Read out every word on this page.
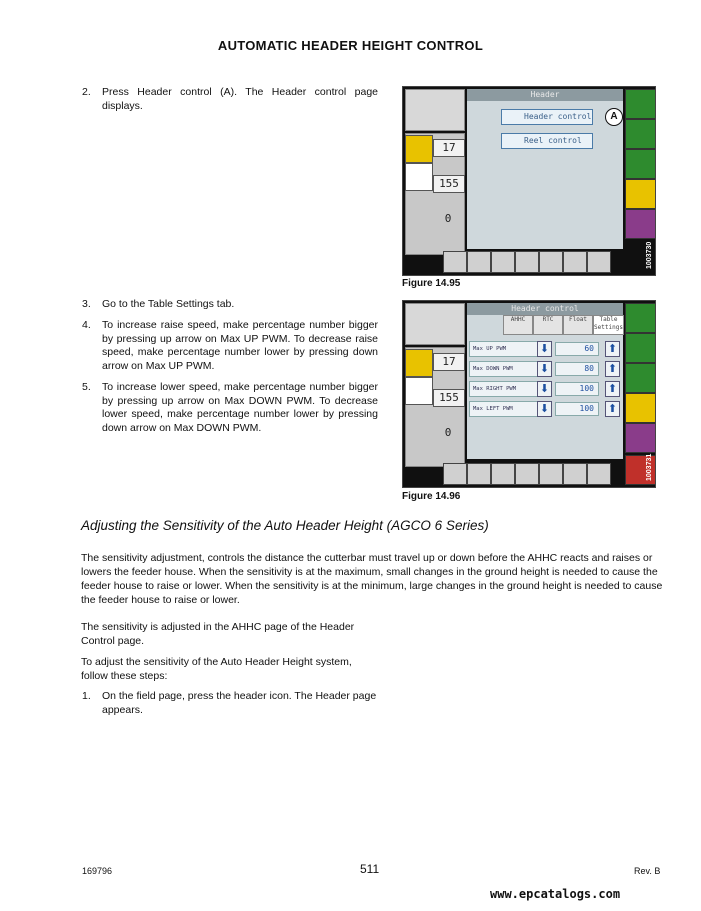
AUTOMATIC HEADER HEIGHT CONTROL
2. Press Header control (A). The Header control page displays.
17
155
0
Header
Header control
Reel control
A
1003730
Figure 14.95
3. Go to the Table Settings tab.
4. To increase raise speed, make percentage number bigger by pressing up arrow on Max UP PWM. To decrease raise speed, make percentage number lower by pressing down arrow on Max UP PWM.
5. To increase lower speed, make percentage number bigger by pressing up arrow on Max DOWN PWM. To decrease lower speed, make percentage number lower by pressing down arrow on Max DOWN PWM.
17
155
0
Header control
AHHC	RTC	Float	Table Settings
Max UP PWM	⬇	60	⬆
Max DOWN PWM	⬇	80	⬆
Max RIGHT PWM	⬇	100	⬆
Max LEFT PWM	⬇	100	⬆
1003731
Figure 14.96
Adjusting the Sensitivity of the Auto Header Height (AGCO 6 Series)
The sensitivity adjustment, controls the distance the cutterbar must travel up or down before the AHHC reacts and raises or lowers the feeder house. When the sensitivity is at the maximum, small changes in the ground height is needed to cause the feeder house to raise or lower. When the sensitivity is at the minimum, large changes in the ground height is needed to cause the feeder house to raise or lower.
The sensitivity is adjusted in the AHHC page of the Header Control page.
To adjust the sensitivity of the Auto Header Height system, follow these steps:
1. On the field page, press the header icon. The Header page appears.
169796	511	Rev. B
www.epcatalogs.com
